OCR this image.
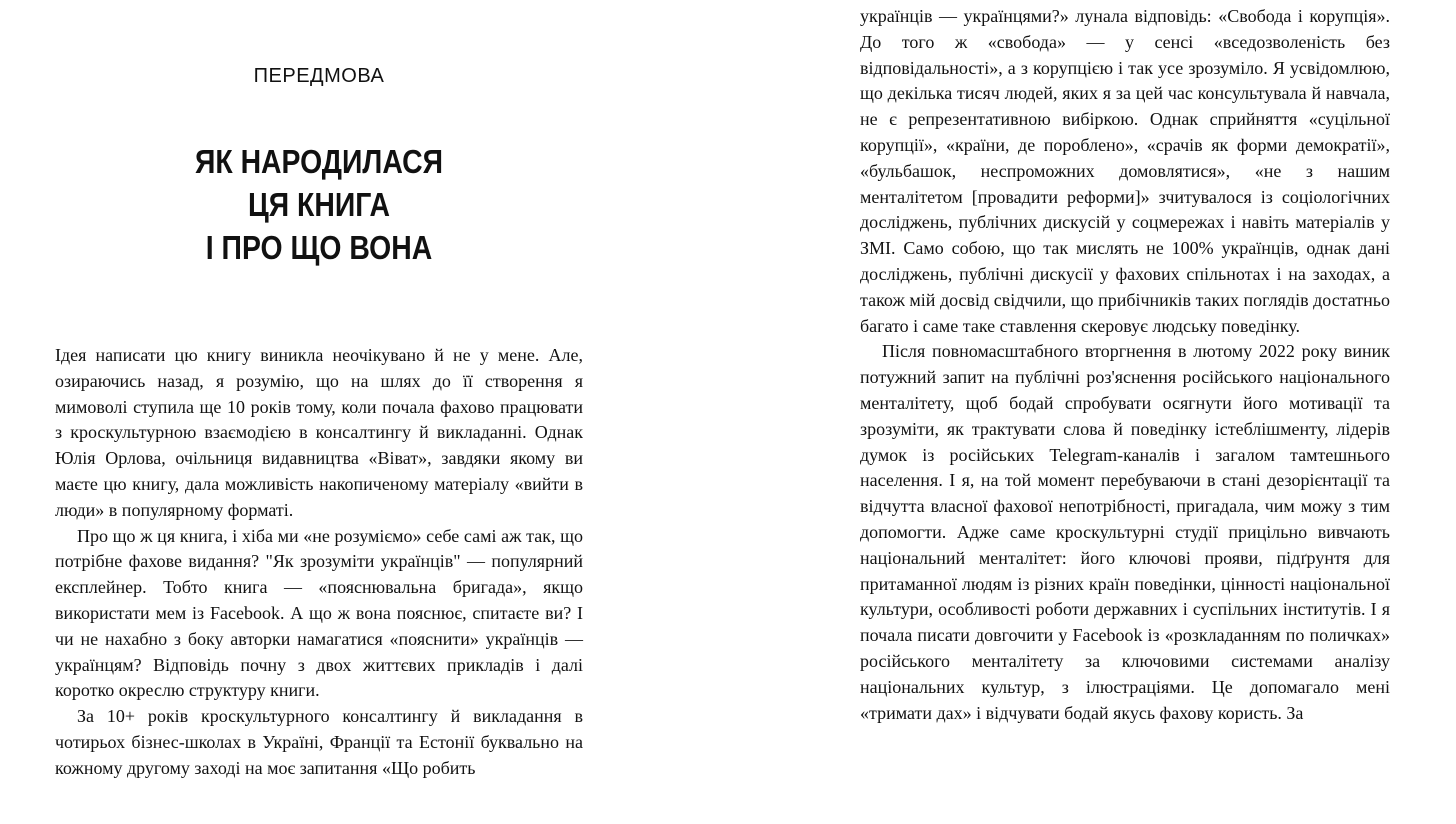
ПЕРЕДМОВА
ЯК НАРОДИЛАСЯ
ЦЯ КНИГА
І ПРО ЩО ВОНА

Ідея написати цю книгу виникла неочікувано й не у мене. Але, озираючись назад, я розумію, що на шлях до її створення я мимоволі ступила ще 10 років тому, коли почала фахово працювати з кроскультурною взаємодією в консалтингу й викладанні. Однак Юлія Орлова, очільниця видавництва «Віват», завдяки якому ви маєте цю книгу, дала можливість накопиченому матеріалу «вийти в люди» в популярному форматі.

Про що ж ця книга, і хіба ми «не розуміємо» себе самі аж так, що потрібне фахове видання? "Як зрозуміти українців" — популярний експлейнер. Тобто книга — «пояснювальна бригада», якщо використати мем із Facebook. А що ж вона пояснює, спитаєте ви? І чи не нахабно з боку авторки намагатися «пояснити» українців — українцям? Відповідь почну з двох життєвих прикладів і далі коротко окреслю структуру книги.

За 10+ років кроскультурного консалтингу й викладання в чотирьох бізнес-школах в Україні, Франції та Естонії буквально на кожному другому заході на моє запитання «Що робить

українців — українцями?» лунала відповідь: «Свобода і корупція». До того ж «свобода» — у сенсі «вседозволеність без відповідальності», а з корупцією і так усе зрозуміло. Я усвідомлюю, що декілька тисяч людей, яких я за цей час консультувала й навчала, не є репрезентативною вибіркою. Однак сприйняття «суцільної корупції», «країни, де пороблено», «срачів як форми демократії», «бульбашок, неспроможних домовлятися», «не з нашим менталітетом [провадити реформи]» зчитувалося із соціологічних досліджень, публічних дискусій у соцмережах і навіть матеріалів у ЗМІ. Само собою, що так мислять не 100% українців, однак дані досліджень, публічні дискусії у фахових спільнотах і на заходах, а також мій досвід свідчили, що прибічників таких поглядів достатньо багато і саме таке ставлення скеровує людську поведінку.

Після повномасштабного вторгнення в лютому 2022 року виник потужний запит на публічні роз'яснення російського національного менталітету, щоб бодай спробувати осягнути його мотивації та зрозуміти, як трактувати слова й поведінку істеблішменту, лідерів думок із російських Telegram-каналів і загалом тамтешнього населення. І я, на той момент перебуваючи в стані дезорієнтації та відчутта власної фахової непотрібності, пригадала, чим можу з тим допомогти. Адже саме кроскультурні студії прицільно вивчають національний менталітет: його ключові прояви, підґрунтя для притаманної людям із різних країн поведінки, цінності національної культури, особливості роботи державних і суспільних інститутів. І я почала писати довгочити у Facebook із «розкладанням по поличках» російського менталітету за ключовими системами аналізу національних культур, з ілюстраціями. Це допомагало мені «тримати дах» і відчувати бодай якусь фахову користь. За
